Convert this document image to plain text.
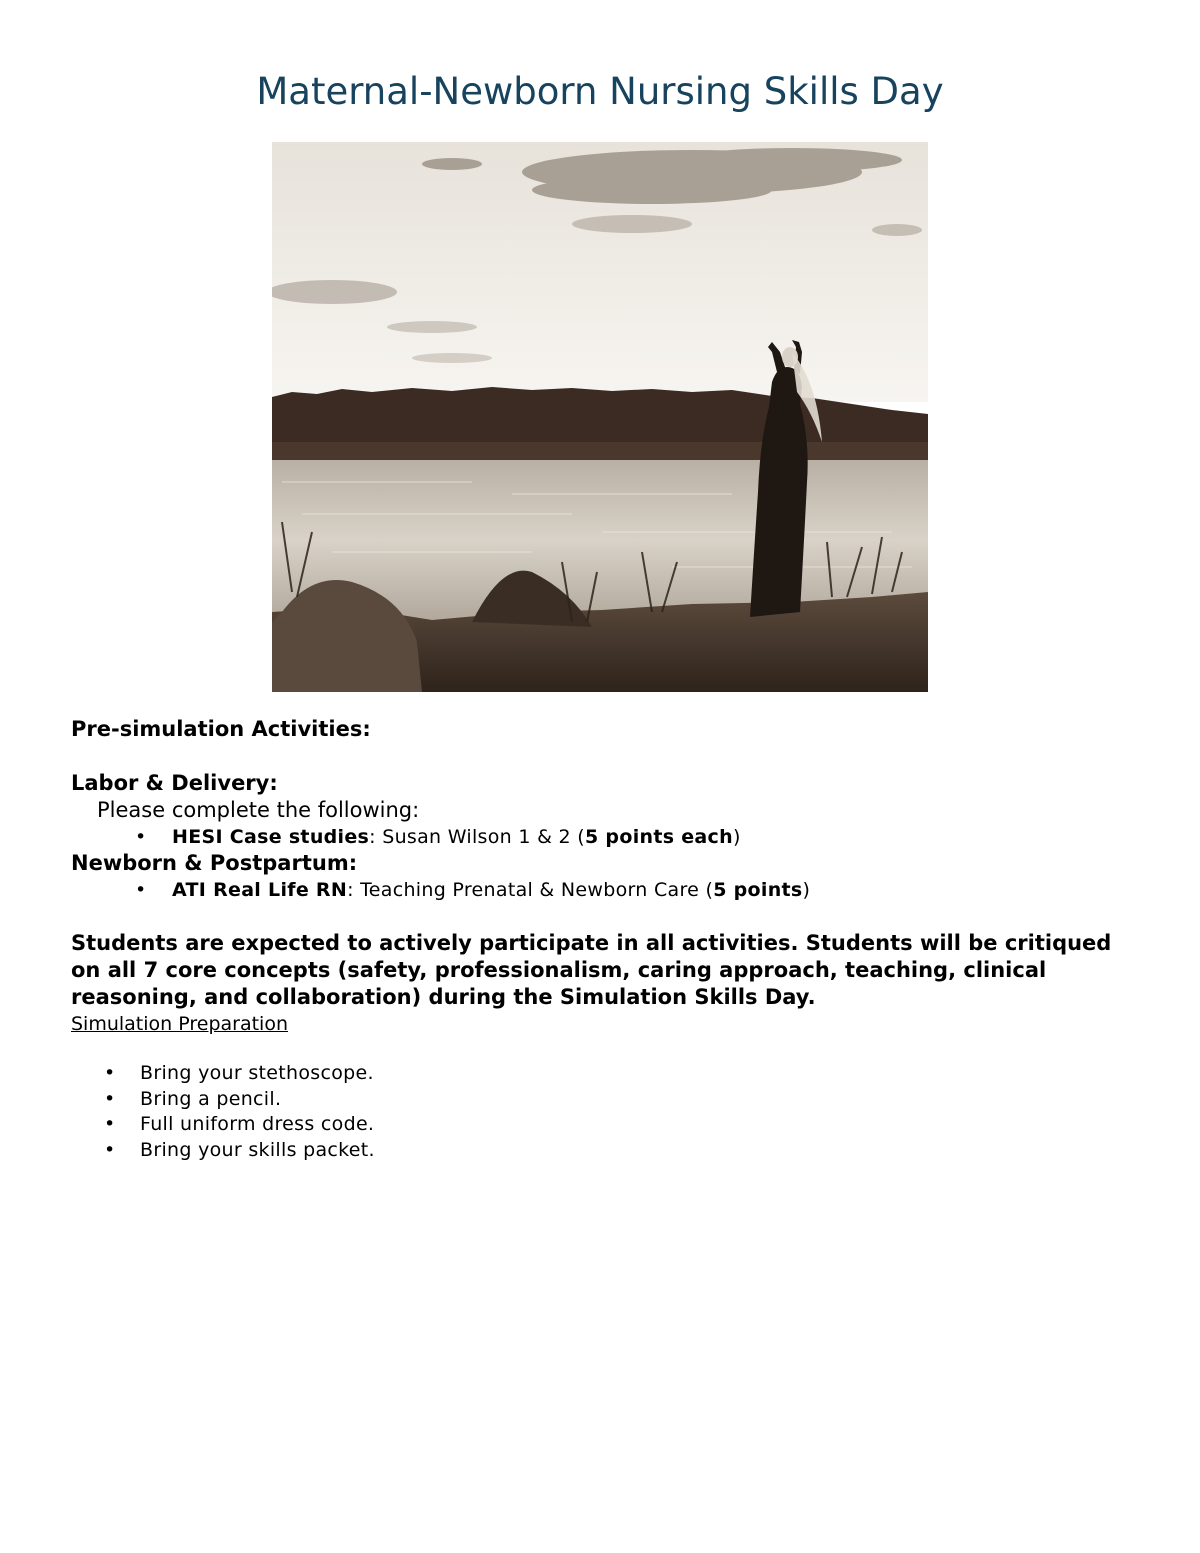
Maternal-Newborn Nursing Skills Day

Pre-simulation Activities:

Labor & Delivery:

Please complete the following:

• HESI Case studies: Susan Wilson 1 & 2 (5 points each)

Newborn & Postpartum:

• ATI Real Life RN: Teaching Prenatal & Newborn Care (5 points)

Students are expected to actively participate in all activities. Students will be critiqued on all 7 core concepts (safety, professionalism, caring approach, teaching, clinical reasoning, and collaboration) during the Simulation Skills Day.

Simulation Preparation
• Bring your stethoscope.
• Bring a pencil.
• Full uniform dress code.
• Bring your skills packet.
